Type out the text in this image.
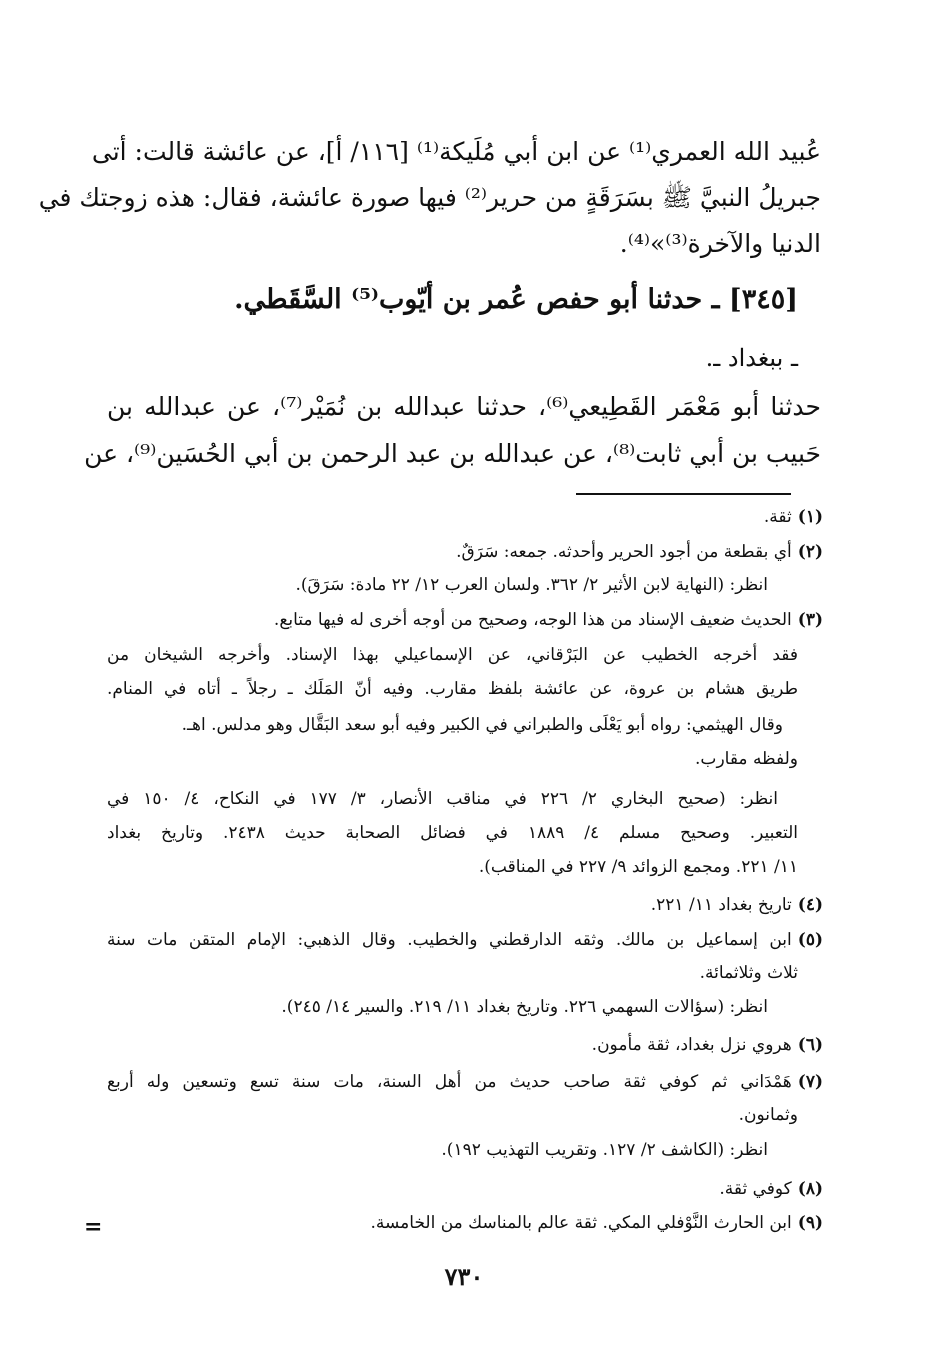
عُبيد الله العمري⁽¹⁾ عن ابن أبي مُلَيكة⁽¹⁾ [١١٦/ أ]، عن عائشة قالت: أتى
جبريلُ النبيَّ ﷺ بسَرَقَةٍ من حرير⁽²⁾ فيها صورة عائشة، فقال: هذه زوجتك في
الدنيا والآخرة⁽³⁾»⁽⁴⁾.
[٣٤٥] ـ حدثنا أبو حفص عُمر بن أيّوب⁽⁵⁾ السَّقَطي.
ـ ببغداد ـ.
حدثنا أبو مَعْمَر القَطِيعي⁽⁶⁾، حدثنا عبدالله بن نُمَيْر⁽⁷⁾، عن عبدالله بن
حَبيب بن أبي ثابت⁽⁸⁾، عن عبدالله بن عبد الرحمن بن أبي الحُسَين⁽⁹⁾، عن
(١)ثقة.
(٢)أي بقطعة من أجود الحرير وأحدثه. جمعه: سَرَقٌ.
انظر: (النهاية لابن الأثير ٢/ ٣٦٢. ولسان العرب ١٢/ ٢٢ مادة: سَرَقَ).
(٣)الحديث ضعيف الإسناد من هذا الوجه، وصحيح من أوجه أخرى له فيها متابع.
فقد أخرجه الخطيب عن البَرْقاني، عن الإسماعيلي بهذا الإسناد. وأخرجه الشيخان من
طريق هشام بن عروة، عن عائشة بلفظ مقارب. وفيه أنّ المَلَك ـ رجلاً ـ أتاه في المنام.
وقال الهيثمي: رواه أبو يَعْلَى والطبراني في الكبير وفيه أبو سعد البَقَّال وهو مدلس. اهـ.
ولفظه مقارب.
انظر: (صحيح البخاري ٢/ ٢٢٦ في مناقب الأنصار، ٣/ ١٧٧ في النكاح، ٤/ ١٥٠ في
التعبير. وصحيح مسلم ٤/ ١٨٨٩ في فضائل الصحابة حديث ٢٤٣٨. وتاريخ بغداد
١١/ ٢٢١. ومجمع الزوائد ٩/ ٢٢٧ في المناقب).
(٤)تاريخ بغداد ١١/ ٢٢١.
(٥)ابن إسماعيل بن مالك. وثقه الدارقطني والخطيب. وقال الذهبي: الإمام المتقن مات سنة
ثلاث وثلاثمائة.
انظر: (سؤالات السهمي ٢٢٦. وتاريخ بغداد ١١/ ٢١٩. والسير ١٤/ ٢٤٥).
(٦)هروي نزل بغداد، ثقة مأمون.
(٧)هَمْدَاني ثم كوفي ثقة صاحب حديث من أهل السنة، مات سنة تسع وتسعين وله أربع
وثمانون.
انظر: (الكاشف ٢/ ١٢٧. وتقريب التهذيب ١٩٢).
(٨)كوفي ثقة.
(٩)ابن الحارث النَّوْفلي المكي. ثقة عالم بالمناسك من الخامسة.
=
٧٣٠
